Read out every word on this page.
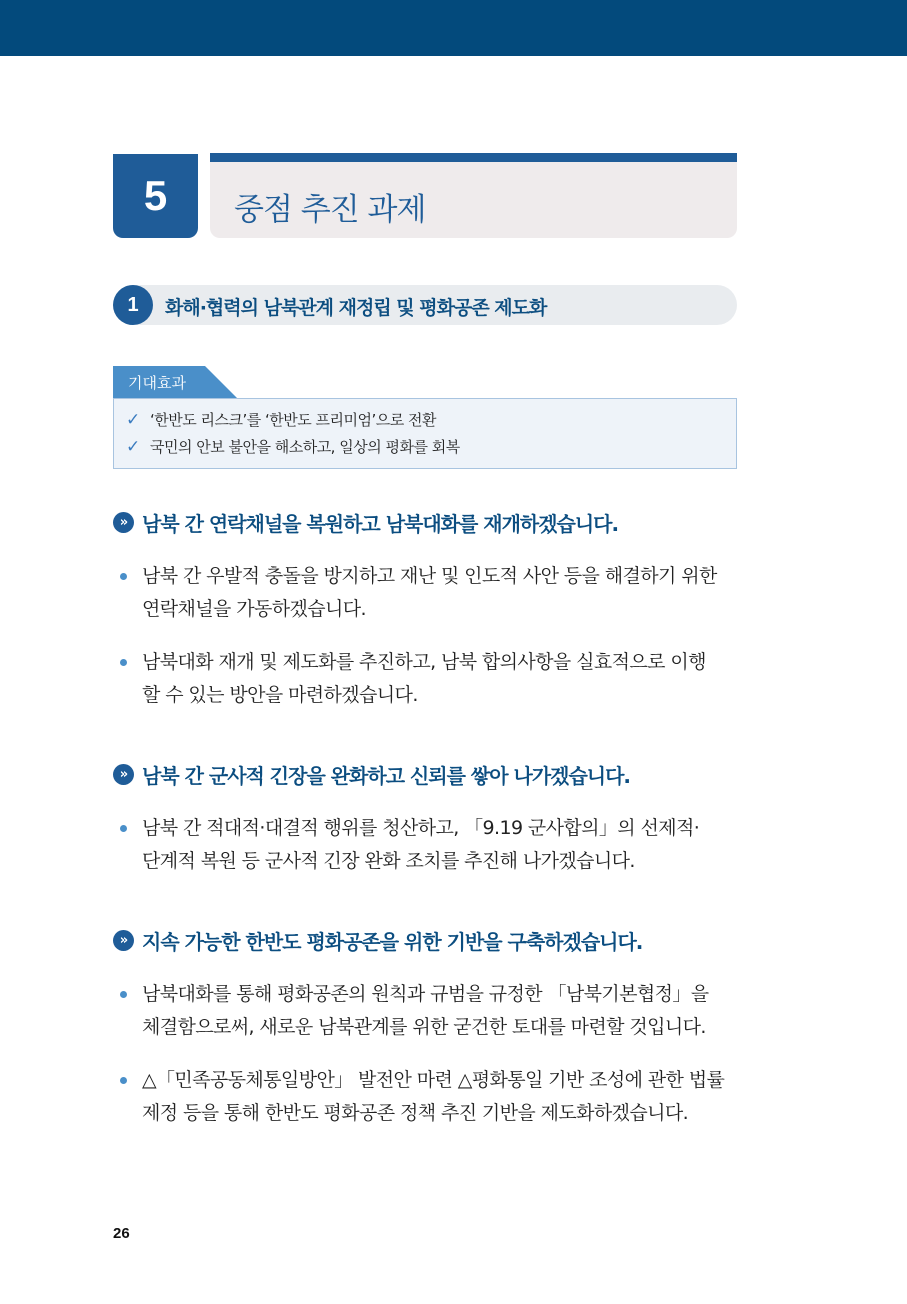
5	중점 추진 과제
1	화해·협력의 남북관계 재정립 및 평화공존 제도화
기대효과
✓ ‘한반도 리스크’를 ‘한반도 프리미엄’으로 전환
✓ 국민의 안보 불안을 해소하고, 일상의 평화를 회복
» 남북 간 연락채널을 복원하고 남북대화를 재개하겠습니다.
남북 간 우발적 충돌을 방지하고 재난 및 인도적 사안 등을 해결하기 위한
연락채널을 가동하겠습니다.
남북대화 재개 및 제도화를 추진하고, 남북 합의사항을 실효적으로 이행
할 수 있는 방안을 마련하겠습니다.
» 남북 간 군사적 긴장을 완화하고 신뢰를 쌓아 나가겠습니다.
남북 간 적대적·대결적 행위를 청산하고, 「9.19 군사합의」의 선제적·
단계적 복원 등 군사적 긴장 완화 조치를 추진해 나가겠습니다.
» 지속 가능한 한반도 평화공존을 위한 기반을 구축하겠습니다.
남북대화를 통해 평화공존의 원칙과 규범을 규정한 「남북기본협정」을
체결함으로써, 새로운 남북관계를 위한 굳건한 토대를 마련할 것입니다.
△「민족공동체통일방안」 발전안 마련 △평화통일 기반 조성에 관한 법률
제정 등을 통해 한반도 평화공존 정책 추진 기반을 제도화하겠습니다.
26
